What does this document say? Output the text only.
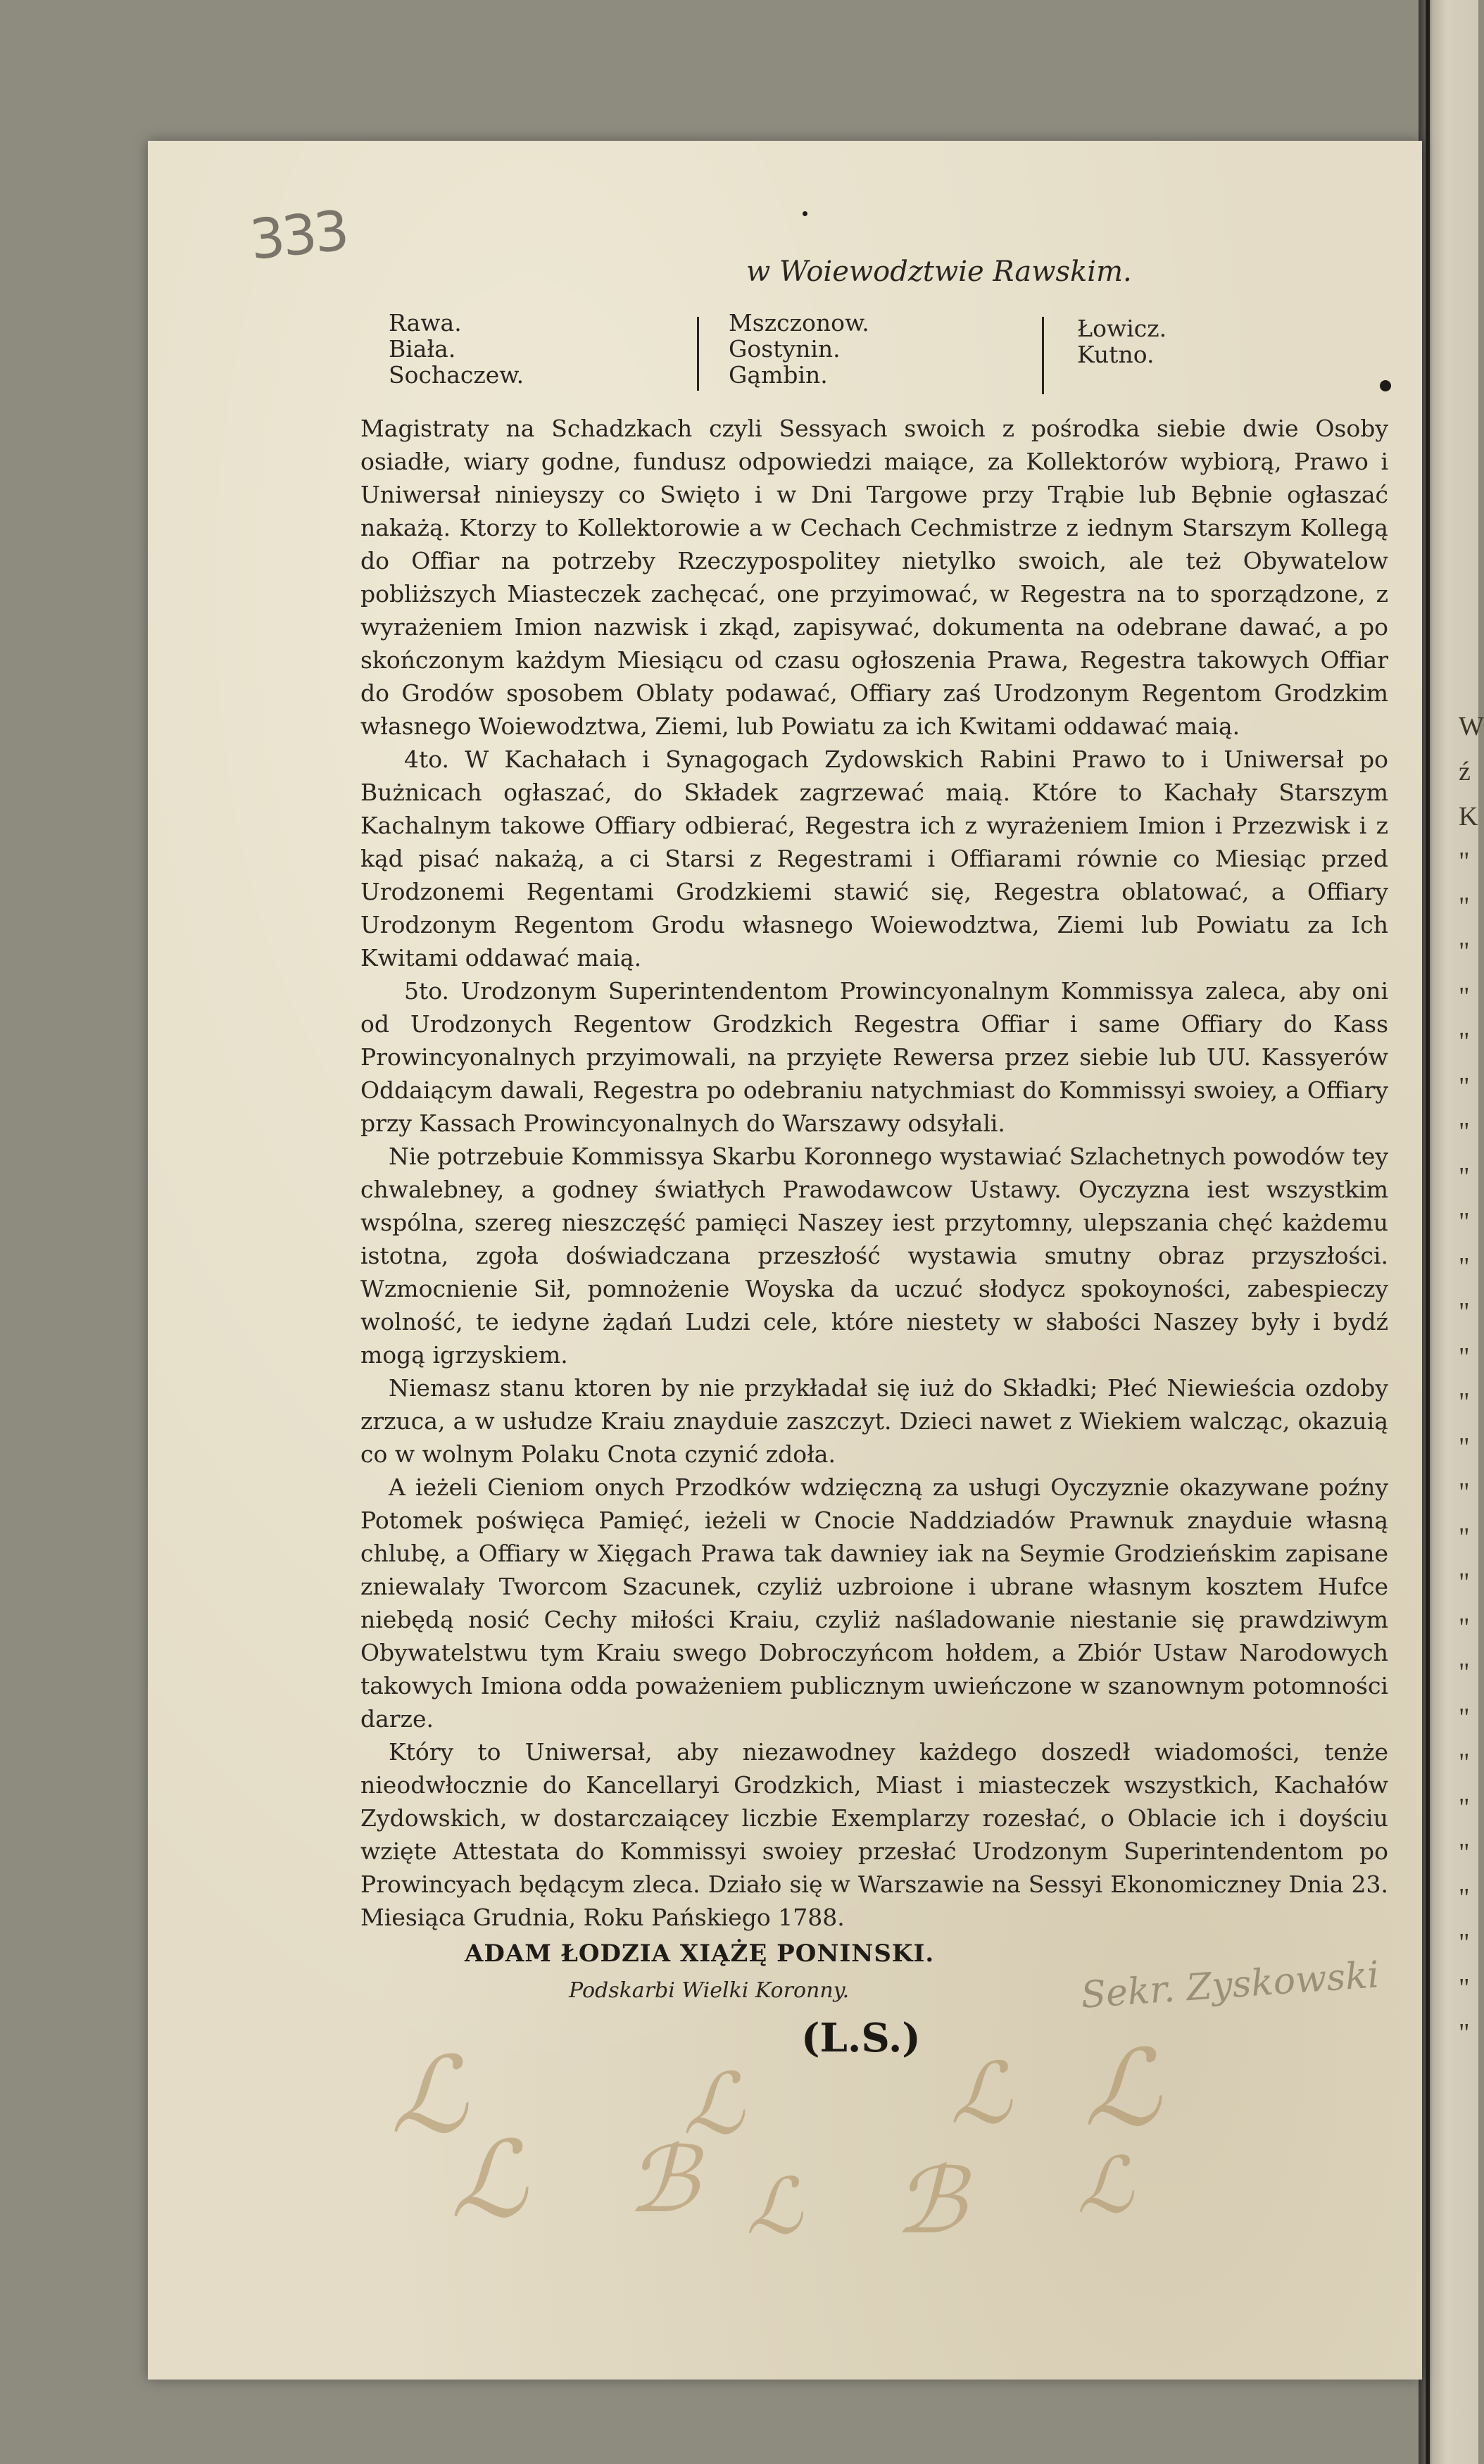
W
ź
K
"
"
"
"
"
"
"
"
"
"
"
"
"
"
"
"
"
"
"
"
"
"
"
"
"
"
"
333	w Woiewodztwie Rawskim.
Rawa.
Biała.
Sochaczew.
Mszczonow.
Gostynin.
Gąmbin.
Łowicz.
Kutno.

Magistraty na Schadzkach czyli Sessyach swoich z pośrodka siebie dwie Osoby osiadłe, wiary godne, fundusz odpowiedzi maiące, za Kollektorów wybiorą, Prawo i Uniwersał ninieyszy co Swięto i w Dni Targowe przy Trąbie lub Bębnie ogłaszać nakażą. Ktorzy to Kollektorowie a w Cechach Cechmistrze z iednym Starszym Kollegą do Offiar na potrzeby Rzeczypospolitey nietylko swoich, ale też Obywatelow pobliższych Miasteczek zachęcać, one przyimować, w Regestra na to sporządzone, z wyrażeniem Imion nazwisk i zkąd, zapisywać, dokumenta na odebrane dawać, a po skończonym każdym Miesiącu od czasu ogłoszenia Prawa, Regestra takowych Offiar do Grodów sposobem Oblaty podawać, Offiary zaś Urodzonym Regentom Grodzkim własnego Woiewodztwa, Ziemi, lub Powiatu za ich Kwitami oddawać maią.

4to. W Kachałach i Synagogach Zydowskich Rabini Prawo to i Uniwersał po Bużnicach ogłaszać, do Składek zagrzewać maią. Które to Kachały Starszym Kachalnym takowe Offiary odbierać, Regestra ich z wyrażeniem Imion i Przezwisk i z kąd pisać nakażą, a ci Starsi z Regestrami i Offiarami równie co Miesiąc przed Urodzonemi Regentami Grodzkiemi stawić się, Regestra oblatować, a Offiary Urodzonym Regentom Grodu własnego Woiewodztwa, Ziemi lub Powiatu za Ich Kwitami oddawać maią.

5to. Urodzonym Superintendentom Prowincyonalnym Kommissya zaleca, aby oni od Urodzonych Regentow Grodzkich Regestra Offiar i same Offiary do Kass Prowincyonalnych przyimowali, na przyięte Rewersa przez siebie lub UU. Kassyerów Oddaiącym dawali, Regestra po odebraniu natychmiast do Kommissyi swoiey, a Offiary przy Kassach Prowincyonalnych do Warszawy odsyłali.

Nie potrzebuie Kommissya Skarbu Koronnego wystawiać Szlachetnych powodów tey chwalebney, a godney światłych Prawodawcow Ustawy. Oyczyzna iest wszystkim wspólna, szereg nieszczęść pamięci Naszey iest przytomny, ulepszania chęć każdemu istotna, zgoła doświadczana przeszłość wystawia smutny obraz przyszłości. Wzmocnienie Sił, pomnożenie Woyska da uczuć słodycz spokoyności, zabespieczy wolność, te iedyne żądań Ludzi cele, które niestety w słabości Naszey były i bydź mogą igrzyskiem.

Niemasz stanu ktoren by nie przykładał się iuż do Składki; Płeć Niewieścia ozdoby zrzuca, a w usłudze Kraiu znayduie zaszczyt. Dzieci nawet z Wiekiem walcząc, okazuią co w wolnym Polaku Cnota czynić zdoła.

A ieżeli Cieniom onych Przodków wdzięczną za usługi Oyczyznie okazywane poźny Potomek poświęca Pamięć, ieżeli w Cnocie Naddziadów Prawnuk znayduie własną chlubę, a Offiary w Xięgach Prawa tak dawniey iak na Seymie Grodzieńskim zapisane zniewalały Tworcom Szacunek, czyliż uzbroione i ubrane własnym kosztem Hufce niebędą nosić Cechy miłości Kraiu, czyliż naśladowanie niestanie się prawdziwym Obywatelstwu tym Kraiu swego Dobroczyńcom hołdem, a Zbiór Ustaw Narodowych takowych Imiona odda poważeniem publicznym uwieńczone w szanownym potomności darze.

Który to Uniwersał, aby niezawodney każdego doszedł wiadomości, tenże nieodwłocznie do Kancellaryi Grodzkich, Miast i miasteczek wszystkich, Kachałów Zydowskich, w dostarczaiącey liczbie Exemplarzy rozesłać, o Oblacie ich i doyściu wzięte Attestata do Kommissyi swoiey przesłać Urodzonym Superintendentom po Prowincyach będącym zleca. Działo się w Warszawie na Sessyi Ekonomiczney Dnia 23. Miesiąca Grudnia, Roku Pańskiego 1788.

ADAM ŁODZIA XIĄŻĘ PONINSKI.
Podskarbi Wielki Koronny.
(L.S.)
Sekr. Zyskowski
ℒ	ℒ ℒ ℒ
ℒ ℬ ℒ ℬ ℒ
